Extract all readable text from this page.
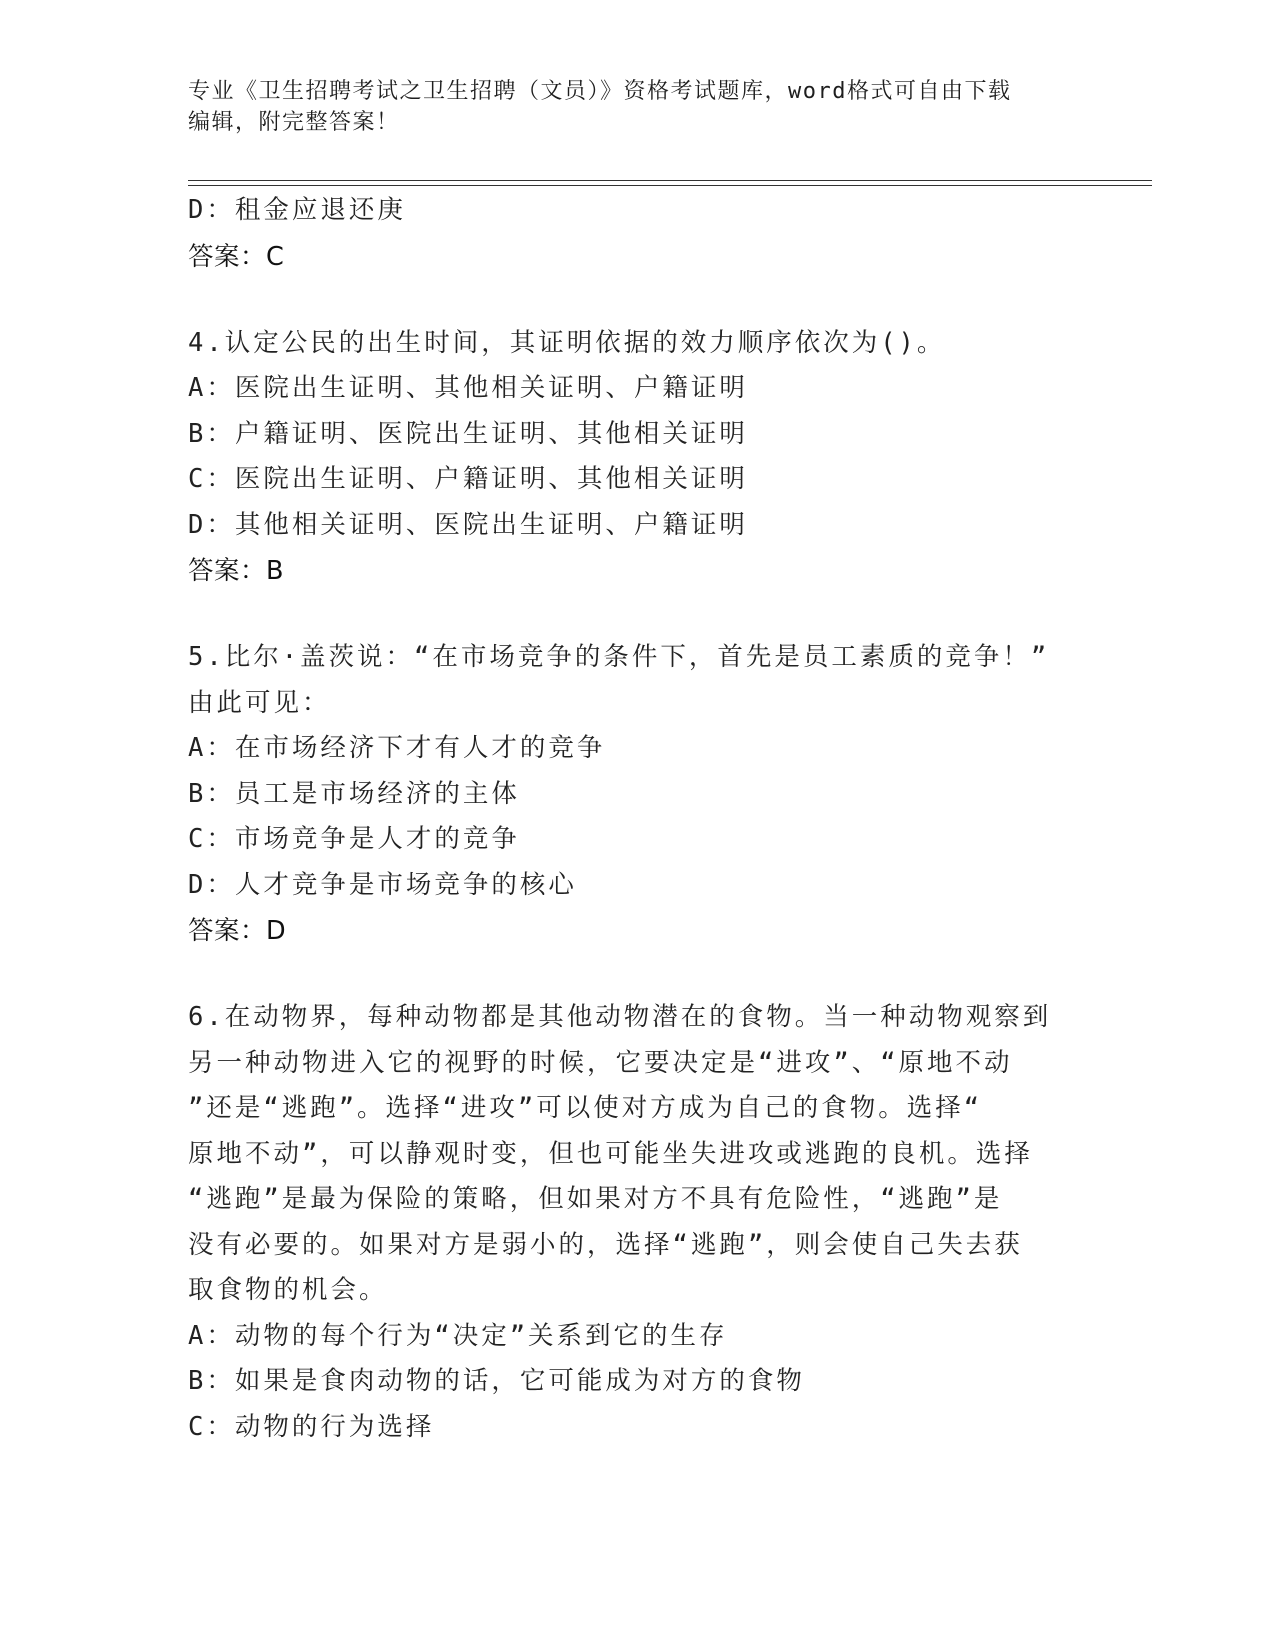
专业《卫生招聘考试之卫生招聘（文员）》资格考试题库，word格式可自由下载
编辑，附完整答案！
D：租金应退还庚
答案：C
4.认定公民的出生时间，其证明依据的效力顺序依次为()。
A：医院出生证明、其他相关证明、户籍证明
B：户籍证明、医院出生证明、其他相关证明
C：医院出生证明、户籍证明、其他相关证明
D：其他相关证明、医院出生证明、户籍证明
答案：B
5.比尔·盖茨说：“在市场竞争的条件下，首先是员工素质的竞争！”
由此可见：
A：在市场经济下才有人才的竞争
B：员工是市场经济的主体
C：市场竞争是人才的竞争
D：人才竞争是市场竞争的核心
答案：D
6.在动物界，每种动物都是其他动物潜在的食物。当一种动物观察到
另一种动物进入它的视野的时候，它要决定是“进攻”、“原地不动
”还是“逃跑”。选择“进攻”可以使对方成为自己的食物。选择“
原地不动”，可以静观时变，但也可能坐失进攻或逃跑的良机。选择
“逃跑”是最为保险的策略，但如果对方不具有危险性，“逃跑”是
没有必要的。如果对方是弱小的，选择“逃跑”，则会使自己失去获
取食物的机会。
A：动物的每个行为“决定”关系到它的生存
B：如果是食肉动物的话，它可能成为对方的食物
C：动物的行为选择
